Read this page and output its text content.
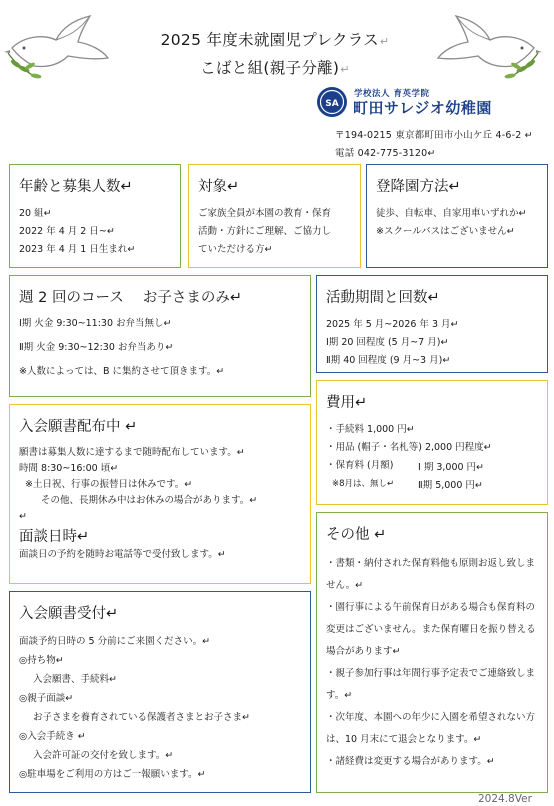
2025 年度未就園児プレクラス↵
こばと組(親子分離)↵
SA
学校法人 育英学院
町田サレジオ幼稚園
〒194-0215 東京都町田市小山ケ丘 4-6-2 ↵
電話 042-775-3120↵
年齢と募集人数↵
20 組↵
2022 年 4 月 2 日~↵
2023 年 4 月 1 日生まれ↵
対象↵
ご家族全員が本園の教育・保育
活動・方針にご理解、ご協力し
ていただける方↵
登降園方法↵
徒歩、自転車、自家用車いずれか↵
※スクールバスはございません↵
週 2 回のコース　 お子さまのみ↵
Ⅰ期 火金 9:30~11:30 お弁当無し↵
Ⅱ期 火金 9:30~12:30 お弁当あり↵
※人数によっては、B に集約させて頂きます。↵
活動期間と回数↵
2025 年 5 月~2026 年 3 月↵
Ⅰ期 20 回程度 (5 月~7 月)↵
Ⅱ期 40 回程度 (9 月~3 月)↵
入会願書配布中 ↵
願書は募集人数に達するまで随時配布しています。↵
時間 8:30~16:00 頃↵
※土日祝、行事の振替日は休みです。↵
その他、長期休み中はお休みの場合があります。↵
↵
面談日時↵
面談日の予約を随時お電話等で受付致します。↵
費用↵
・手続料 1,000 円↵
・用品 (帽子・名札等) 2,000 円程度↵
・保育料 (月額)	I 期 3,000 円↵
※8月は、無し↵	Ⅱ期 5,000 円↵
入会願書受付↵
面談予約日時の 5 分前にご来園ください。↵
◎持ち物↵
入会願書、手続料↵
◎親子面談↵
お子さまを養育されている保護者さまとお子さま↵
◎入会手続き ↵
入会許可証の交付を致します。↵
◎駐車場をご利用の方はご一報願います。↵
その他 ↵
・書類・納付された保育料他も原則お返し致しません。↵
・園行事による午前保育日がある場合も保育料の変更はございません。また保育曜日を振り替える場合があります↵
・親子参加行事は年間行事予定表でご連絡致します。↵
・次年度、本園への年少に入園を希望されない方は、10 月末にて退会となります。↵
・諸経費は変更する場合があります。↵
2024.8Ver
